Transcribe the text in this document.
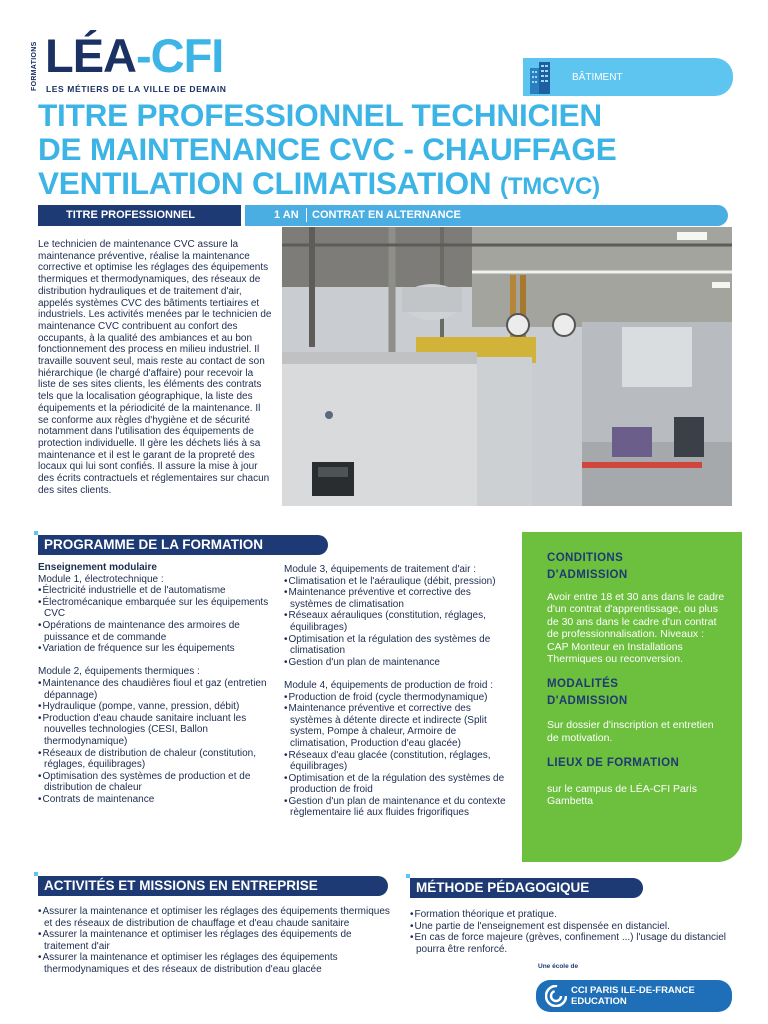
FORMATIONS LÉA-CFI
LES MÉTIERS DE LA VILLE DE DEMAIN
BÂTIMENT
TITRE PROFESSIONNEL TECHNICIEN
DE MAINTENANCE CVC - CHAUFFAGE
VENTILATION CLIMATISATION (TMCVC)
TITRE PROFESSIONNEL	1 AN CONTRAT EN ALTERNANCE
Le technicien de maintenance CVC assure la maintenance préventive, réalise la maintenance corrective et optimise les réglages des équipements thermiques et thermodynamiques, des réseaux de distribution hydrauliques et de traitement d'air, appelés systèmes CVC des bâtiments tertiaires et industriels. Les activités menées par le technicien de maintenance CVC contribuent au confort des occupants, à la qualité des ambiances et au bon fonctionnement des process en milieu industriel. Il travaille souvent seul, mais reste au contact de son hiérarchique (le chargé d'affaire) pour recevoir la liste de ses sites clients, les éléments des contrats tels que la localisation géographique, la liste des équipements et la périodicité de la maintenance. Il se conforme aux règles d'hygiène et de sécurité notamment dans l'utilisation des équipements de protection individuelle. Il gère les déchets liés à sa maintenance et il est le garant de la propreté des locaux qui lui sont confiés. Il assure la mise à jour des écrits contractuels et réglementaires sur chacun des sites clients.
PROGRAMME DE LA FORMATION

Enseignement modulaire

Module 1, électrotechnique :

• Électricité industrielle et de l'automatisme
• Électromécanique embarquée sur les équipements CVC
• Opérations de maintenance des armoires de puissance et de commande
• Variation de fréquence sur les équipements

Module 2, équipements thermiques :

• Maintenance des chaudières fioul et gaz (entretien dépannage)
• Hydraulique (pompe, vanne, pression, débit)
• Production d'eau chaude sanitaire incluant les nouvelles technologies (CESI, Ballon thermodynamique)
• Réseaux de distribution de chaleur (constitution, réglages, équilibrages)
• Optimisation des systèmes de production et de distribution de chaleur
• Contrats de maintenance

Module 3, équipements de traitement d'air :

• Climatisation et le l'aéraulique (débit, pression)
• Maintenance préventive et corrective des systèmes de climatisation
• Réseaux aérauliques (constitution, réglages, équilibrages)
• Optimisation et la régulation des systèmes de climatisation
• Gestion d'un plan de maintenance

Module 4, équipements de production de froid :

• Production de froid (cycle thermodynamique)
• Maintenance préventive et corrective des systèmes à détente directe et indirecte (Split system, Pompe à chaleur, Armoire de climatisation, Production d'eau glacée)
• Réseaux d'eau glacée (constitution, réglages, équilibrages)
• Optimisation et de la régulation des systèmes de production de froid
• Gestion d'un plan de maintenance et du contexte règlementaire lié aux fluides frigorifiques
CONDITIONS
D'ADMISSION
Avoir entre 18 et 30 ans dans le cadre d'un contrat d'apprentissage, ou plus de 30 ans dans le cadre d'un contrat de professionnalisation. Niveaux : CAP Monteur en Installations Thermiques ou reconversion.
MODALITÉS
D'ADMISSION
Sur dossier d'inscription et entretien de motivation.
LIEUX DE FORMATION
sur le campus de LÉA-CFI Paris Gambetta
ACTIVITÉS ET MISSIONS EN ENTREPRISE
• Assurer la maintenance et optimiser les réglages des équipements thermiques et des réseaux de distribution de chauffage et d'eau chaude sanitaire
• Assurer la maintenance et optimiser les réglages des équipements de traitement d'air
• Assurer la maintenance et optimiser les réglages des équipements thermodynamiques et des réseaux de distribution d'eau glacée
MÉTHODE PÉDAGOGIQUE
• Formation théorique et pratique.
• Une partie de l'enseignement est dispensée en distanciel.
• En cas de force majeure (grèves, confinement ...) l'usage du distanciel pourra être renforcé.
Une école de
CCI PARIS ILE-DE-FRANCE
EDUCATION
